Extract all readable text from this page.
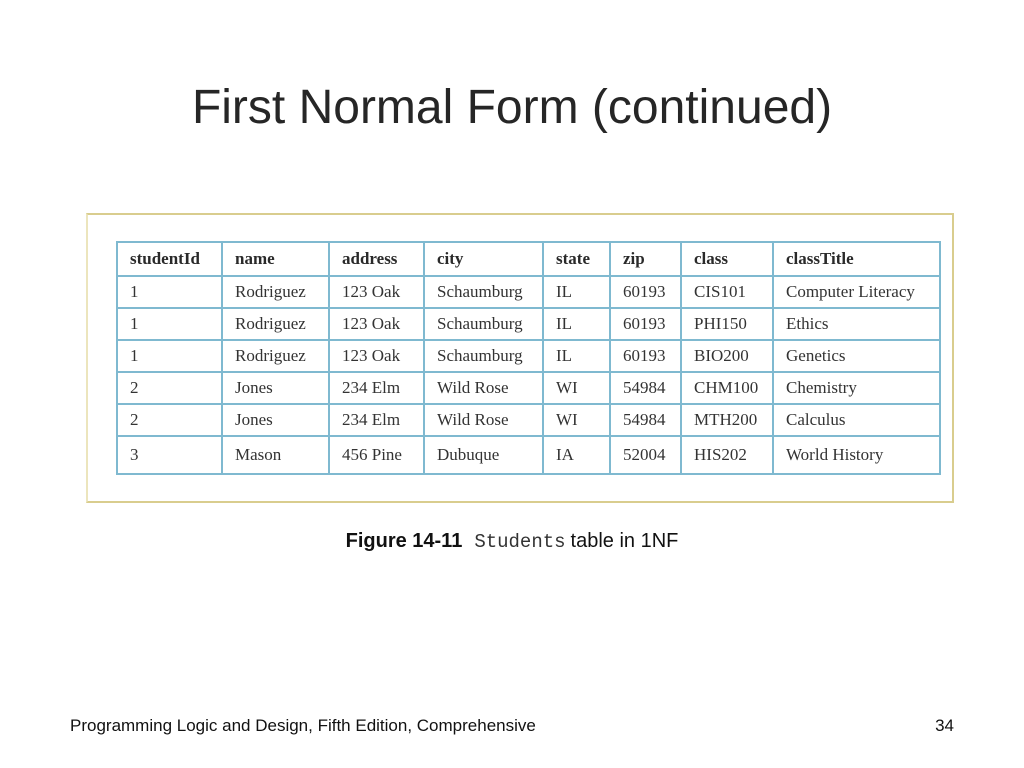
First Normal Form (continued)
studentId	name	address	city	state	zip	class	classTitle
1	Rodriguez	123 Oak	Schaumburg	IL	60193	CIS101	Computer Literacy
1	Rodriguez	123 Oak	Schaumburg	IL	60193	PHI150	Ethics
1	Rodriguez	123 Oak	Schaumburg	IL	60193	BIO200	Genetics
2	Jones	234 Elm	Wild Rose	WI	54984	CHM100	Chemistry
2	Jones	234 Elm	Wild Rose	WI	54984	MTH200	Calculus
3	Mason	456 Pine	Dubuque	IA	52004	HIS202	World History
Figure 14-11 Students table in 1NF
Programming Logic and Design, Fifth Edition, Comprehensive	34
